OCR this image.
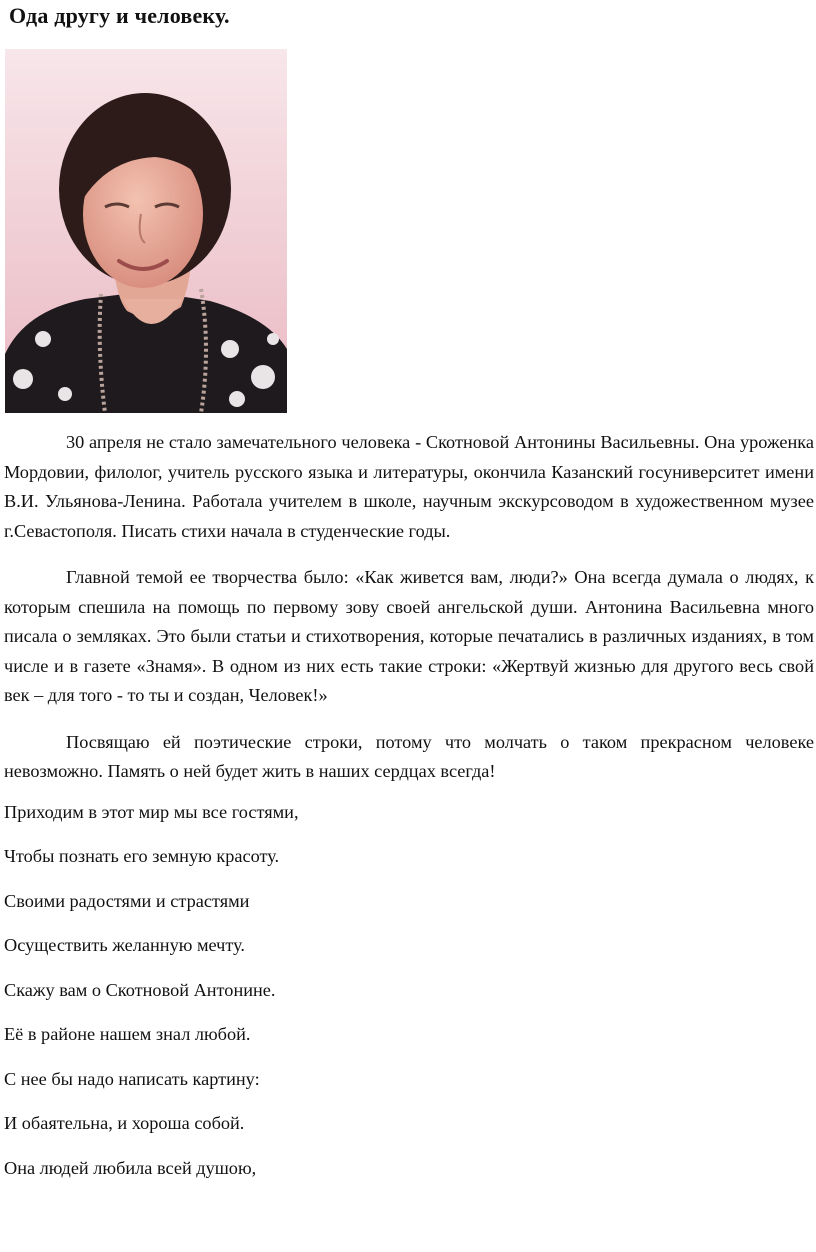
Ода другу и человеку.

30 апреля не стало замечательного человека - Скотновой Антонины Васильевны. Она уроженка Мордовии, филолог, учитель русского языка и литературы, окончила Казанский госуниверситет имени В.И. Ульянова-Ленина. Работала учителем в школе, научным экскурсоводом в художественном музее г.Севастополя. Писать стихи начала в студенческие годы.

Главной темой ее творчества было: «Как живется вам, люди?» Она всегда думала о людях, к которым спешила на помощь по первому зову своей ангельской души. Антонина Васильевна много писала о земляках. Это были статьи и стихотворения, которые печатались в различных изданиях, в том числе и в газете «Знамя». В одном из них есть такие строки: «Жертвуй жизнью для другого весь свой век – для того - то ты и создан, Человек!»

Посвящаю ей поэтические строки, потому что молчать о таком прекрасном человеке невозможно. Память о ней будет жить в наших сердцах всегда!

Приходим в этот мир мы все гостями,

Чтобы познать его земную красоту.

Своими радостями и страстями

Осуществить желанную мечту.

Скажу вам о Скотновой Антонине.

Её в районе нашем знал любой.

С нее бы надо написать картину:

И обаятельна, и хороша собой.

Она людей любила всей душою,
